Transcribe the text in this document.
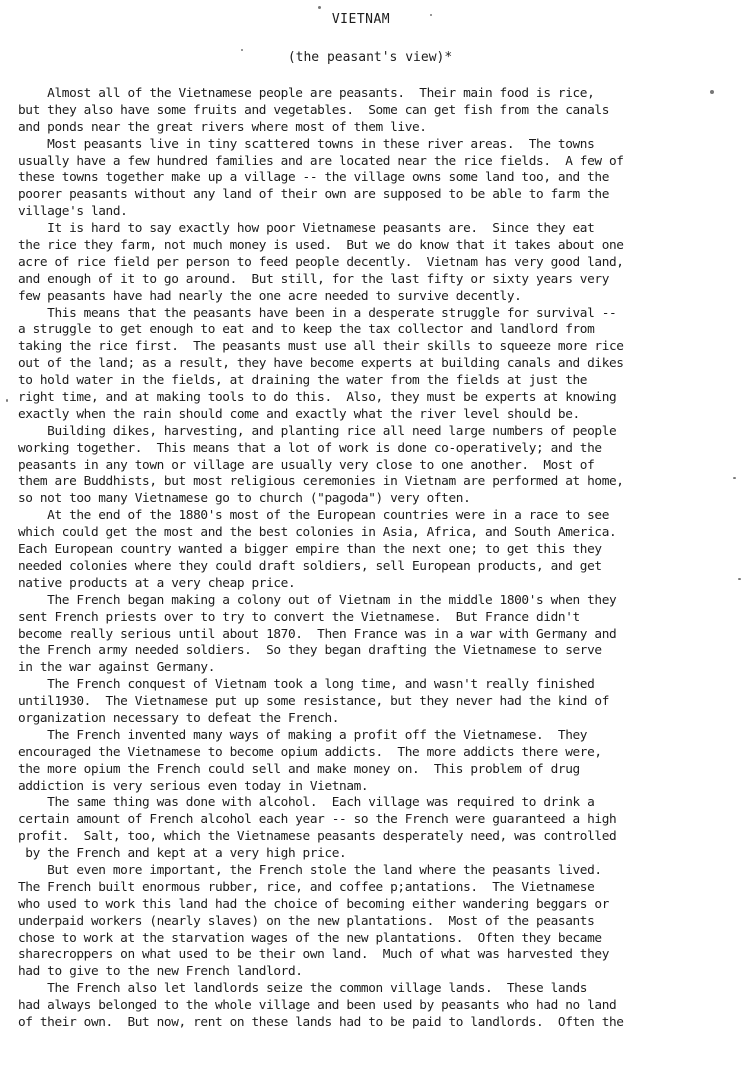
VIETNAM
(the peasant's view)*
Almost all of the Vietnamese people are peasants.  Their main food is rice,
but they also have some fruits and vegetables.  Some can get fish from the canals
and ponds near the great rivers where most of them live.
Most peasants live in tiny scattered towns in these river areas.  The towns
usually have a few hundred families and are located near the rice fields.  A few of
these towns together make up a village -- the village owns some land too, and the
poorer peasants without any land of their own are supposed to be able to farm the
village's land.
It is hard to say exactly how poor Vietnamese peasants are.  Since they eat
the rice they farm, not much money is used.  But we do know that it takes about one
acre of rice field per person to feed people decently.  Vietnam has very good land,
and enough of it to go around.  But still, for the last fifty or sixty years very
few peasants have had nearly the one acre needed to survive decently.
This means that the peasants have been in a desperate struggle for survival --
a struggle to get enough to eat and to keep the tax collector and landlord from
taking the rice first.  The peasants must use all their skills to squeeze more rice
out of the land; as a result, they have become experts at building canals and dikes
to hold water in the fields, at draining the water from the fields at just the
right time, and at making tools to do this.  Also, they must be experts at knowing
exactly when the rain should come and exactly what the river level should be.
Building dikes, harvesting, and planting rice all need large numbers of people
working together.  This means that a lot of work is done co-operatively; and the
peasants in any town or village are usually very close to one another.  Most of
them are Buddhists, but most religious ceremonies in Vietnam are performed at home,
so not too many Vietnamese go to church ("pagoda") very often.
At the end of the 1880's most of the European countries were in a race to see
which could get the most and the best colonies in Asia, Africa, and South America.
Each European country wanted a bigger empire than the next one; to get this they
needed colonies where they could draft soldiers, sell European products, and get
native products at a very cheap price.
The French began making a colony out of Vietnam in the middle 1800's when they
sent French priests over to try to convert the Vietnamese.  But France didn't
become really serious until about 1870.  Then France was in a war with Germany and
the French army needed soldiers.  So they began drafting the Vietnamese to serve
in the war against Germany.
The French conquest of Vietnam took a long time, and wasn't really finished
until1930.  The Vietnamese put up some resistance, but they never had the kind of
organization necessary to defeat the French.
The French invented many ways of making a profit off the Vietnamese.  They
encouraged the Vietnamese to become opium addicts.  The more addicts there were,
the more opium the French could sell and make money on.  This problem of drug
addiction is very serious even today in Vietnam.
The same thing was done with alcohol.  Each village was required to drink a
certain amount of French alcohol each year -- so the French were guaranteed a high
profit.  Salt, too, which the Vietnamese peasants desperately need, was controlled
by the French and kept at a very high price.
But even more important, the French stole the land where the peasants lived.
The French built enormous rubber, rice, and coffee p;antations.  The Vietnamese
who used to work this land had the choice of becoming either wandering beggars or
underpaid workers (nearly slaves) on the new plantations.  Most of the peasants
chose to work at the starvation wages of the new plantations.  Often they became
sharecroppers on what used to be their own land.  Much of what was harvested they
had to give to the new French landlord.
The French also let landlords seize the common village lands.  These lands
had always belonged to the whole village and been used by peasants who had no land
of their own.  But now, rent on these lands had to be paid to landlords.  Often the
